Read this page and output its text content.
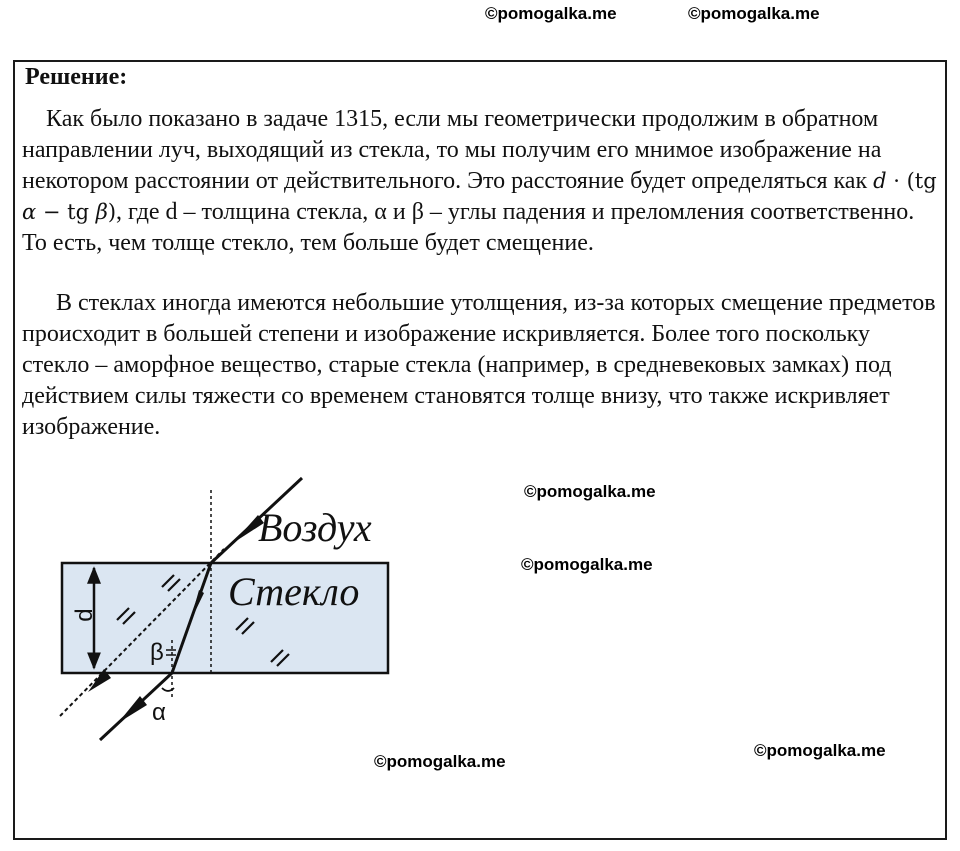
©pomogalka.me	©pomogalka.me
Решение:
Как было показано в задаче 1315, если мы геометрически продолжим в обратном направлении луч, выходящий из стекла, то мы получим его мнимое изображение на некотором расстоянии от действительного. Это расстояние будет определяться как d · (tg α − tg β), где d – толщина стекла, α и β – углы падения и преломления соответственно. То есть, чем толще стекло, тем больше будет смещение.
В стеклах иногда имеются небольшие утолщения, из-за которых смещение предметов происходит в большей степени и изображение искривляется. Более того поскольку стекло – аморфное вещество, старые стекла (например, в средневековых замках) под действием силы тяжести со временем становятся толще внизу, что также искривляет изображение.
Воздух
Стекло
d
β
α
©pomogalka.me
©pomogalka.me
©pomogalka.me
©pomogalka.me
